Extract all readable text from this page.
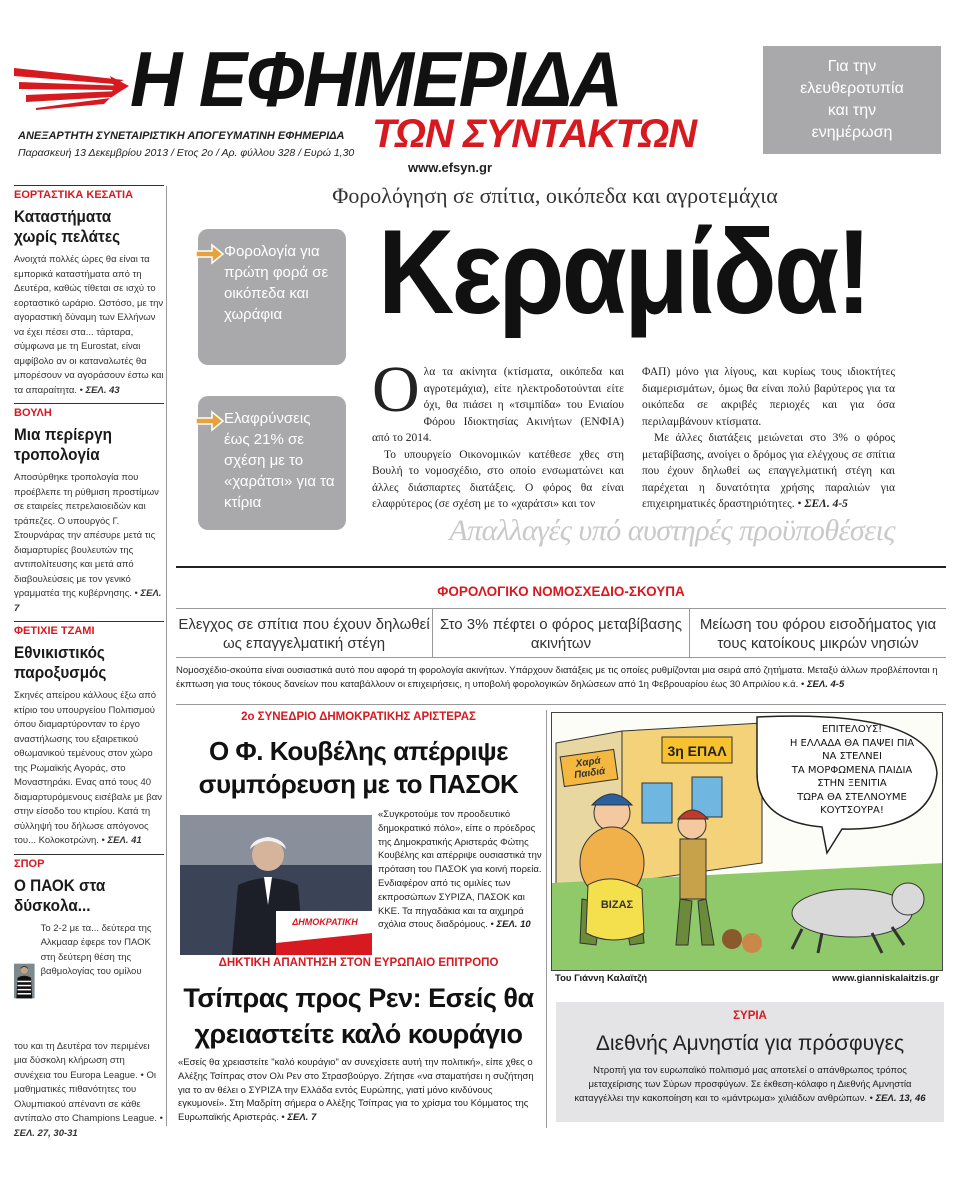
Η ΕΦΗΜΕΡΙΔΑ
ΤΩΝ ΣΥΝΤΑΚΤΩΝ
ΑΝΕΞΑΡΤΗΤΗ ΣΥΝΕΤΑΙΡΙΣΤΙΚΗ ΑΠΟΓΕΥΜΑΤΙΝΗ ΕΦΗΜΕΡΙΔΑ
Παρασκευή 13 Δεκεμβρίου 2013 / Ετος 2ο / Αρ. φύλλου 328 / Ευρώ 1,30
www.efsyn.gr
Για την
ελευθεροτυπία
και την
ενημέρωση
ΕΟΡΤΑΣΤΙΚΑ ΚΕΣΑΤΙΑ
Καταστήματα
χωρίς πελάτες
Ανοιχτά πολλές ώρες θα είναι τα εμπορικά καταστήματα από τη Δευτέρα, καθώς τίθεται σε ισχύ το εορταστικό ωράριο. Ωστόσο, με την αγοραστική δύναμη των Ελλήνων να έχει πέσει στα... τάρταρα, σύμφωνα με τη Eurostat, είναι αμφίβολο αν οι καταναλωτές θα μπορέσουν να αγοράσουν έστω και τα απαραίτητα. • ΣΕΛ. 43
ΒΟΥΛΗ
Μια περίεργη
τροπολογία
Αποσύρθηκε τροπολογία που προέβλεπε τη ρύθμιση προστίμων σε εταιρείες πετρελαιοειδών και τράπεζες. Ο υπουργός Γ. Στουρνάρας την απέσυρε μετά τις διαμαρτυρίες βουλευτών της αντιπολίτευσης και μετά από διαβουλεύσεις με τον γενικό γραμματέα της κυβέρνησης. • ΣΕΛ. 7
ΦΕΤΙΧΙΕ ΤΖΑΜΙ
Εθνικιστικός
παροξυσμός
Σκηνές απείρου κάλλους έξω από κτίριο του υπουργείου Πολιτισμού όπου διαμαρτύρονταν το έργο αναστήλωσης του εξαιρετικού οθωμανικού τεμένους στον χώρο της Ρωμαϊκής Αγοράς, στο Μοναστηράκι. Ενας από τους 40 διαμαρτυρόμενους εισέβαλε με βαν στην είσοδο του κτιρίου. Κατά τη σύλληψή του δήλωσε απόγονος του... Κολοκοτρώνη. • ΣΕΛ. 41
ΣΠΟΡ
Ο ΠΑΟΚ στα
δύσκολα...
Το 2-2 με τα... δεύτερα της Αλκμααρ έφερε τον ΠΑΟΚ στη δεύτερη θέση της βαθμολογίας του ομίλου
του και τη Δευτέρα τον περιμένει μια δύσκολη κλήρωση στη συνέχεια του Europa League. • Οι μαθηματικές πιθανότητες του Ολυμπιακού απέναντι σε κάθε αντίπαλο στο Champions League. • ΣΕΛ. 27, 30-31
Φορολόγηση σε σπίτια, οικόπεδα και αγροτεμάχια
Κεραμίδα!
Φορολογία για πρώτη φορά σε οικόπεδα και χωράφια
Ελαφρύνσεις έως 21% σε σχέση με το «χαράτσι» για τα κτίρια
Ο λα τα ακίνητα (κτίσματα, οικόπεδα και αγροτεμάχια), είτε ηλεκτροδοτούνται είτε όχι, θα πιάσει η «τσιμπίδα» του Ενιαίου Φόρου Ιδιοκτησίας Ακινήτων (ΕΝΦΙΑ) από το 2014.

Το υπουργείο Οικονομικών κατέθεσε χθες στη Βουλή το νομοσχέδιο, στο οποίο ενσωματώνει και άλλες διάσπαρτες διατάξεις. Ο φόρος θα είναι ελαφρύτερος (σε σχέση με το «χαράτσι» και τον

ΦΑΠ) μόνο για λίγους, και κυρίως τους ιδιοκτήτες διαμερισμάτων, όμως θα είναι πολύ βαρύτερος για τα οικόπεδα σε ακριβές περιοχές και για όσα περιλαμβάνουν κτίσματα.

Με άλλες διατάξεις μειώνεται στο 3% ο φόρος μεταβίβασης, ανοίγει ο δρόμος για ελέγχους σε σπίτια που έχουν δηλωθεί ως επαγγελματική στέγη και παρέχεται η δυνατότητα χρήσης παραλιών για επιχειρηματικές δραστηριότητες. • ΣΕΛ. 4-5

Απαλλαγές υπό αυστηρές προϋποθέσεις
ΦΟΡΟΛΟΓΙΚΟ ΝΟΜΟΣΧΕΔΙΟ-ΣΚΟΥΠΑ
Ελεγχος σε σπίτια που έχουν δηλωθεί ως επαγγελματική στέγη
Στο 3% πέφτει ο φόρος μεταβίβασης ακινήτων
Μείωση του φόρου εισοδήματος για τους κατοίκους μικρών νησιών
Νομοσχέδιο-σκούπα είναι ουσιαστικά αυτό που αφορά τη φορολογία ακινήτων. Υπάρχουν διατάξεις με τις οποίες ρυθμίζονται μια σειρά από ζητήματα. Μεταξύ άλλων προβλέπονται η έκπτωση για τους τόκους δανείων που καταβάλλουν οι επιχειρήσεις, η υποβολή φορολογικών δηλώσεων από 1η Φεβρουαρίου έως 30 Απριλίου κ.ά. • ΣΕΛ. 4-5
2ο ΣΥΝΕΔΡΙΟ ΔΗΜΟΚΡΑΤΙΚΗΣ ΑΡΙΣΤΕΡΑΣ
Ο Φ. Κουβέλης απέρριψε συμπόρευση με το ΠΑΣΟΚ
ΔΗΜΟΚΡΑΤΙΚΗ
ΑΡΙΣΤΕΡΑ
«Συγκροτούμε τον προοδευτικό δημοκρατικό πόλο», είπε ο πρόεδρος της Δημοκρατικής Αριστεράς Φώτης Κουβέλης και απέρριψε ουσιαστικά την πρόταση του ΠΑΣΟΚ για κοινή πορεία. Ενδιαφέρον από τις ομιλίες των εκπροσώπων ΣΥΡΙΖΑ, ΠΑΣΟΚ και ΚΚΕ. Τα πηγαδάκια και τα αιχμηρά σχόλια στους διαδρόμους. • ΣΕΛ. 10
ΔΗΚΤΙΚΗ ΑΠΑΝΤΗΣΗ ΣΤΟΝ ΕΥΡΩΠΑΙΟ ΕΠΙΤΡΟΠΟ
Τσίπρας προς Ρεν: Εσείς θα χρειαστείτε καλό κουράγιο
«Εσείς θα χρειαστείτε "καλό κουράγιο" αν συνεχίσετε αυτή την πολιτική», είπε χθες ο Αλέξης Τσίπρας στον Ολι Ρεν στο Στρασβούργο. Ζήτησε «να σταματήσει η συζήτηση για το αν θέλει ο ΣΥΡΙΖΑ την Ελλάδα εντός Ευρώπης, γιατί μόνο κινδύνους εγκυμονεί». Στη Μαδρίτη σήμερα ο Αλέξης Τσίπρας για το χρίσμα του Κόμματος της Ευρωπαϊκής Αριστεράς. • ΣΕΛ. 7
ΕΠΙΤΕΛΟΥΣ!
Η ΕΛΛΑΔΑ ΘΑ ΠΑΨΕΙ ΠΙΑ
ΝΑ ΣΤΕΛΝΕΙ
ΤΑ ΜΟΡΦΩΜΕΝΑ ΠΑΙΔΙΑ
ΣΤΗΝ ΞΕΝΙΤΙΑ
ΤΩΡΑ ΘΑ ΣΤΕΛΝΟΥΜΕ
ΚΟΥΤΣΟΥΡΑ!
Χαρά Παιδιά
3η ΕΠΑΛ
ΒΙΖΑΣ
Του Γιάννη Καλαϊτζή	www.gianniskalaitzis.gr
ΣΥΡΙΑ
Διεθνής Αμνηστία για πρόσφυγες
Ντροπή για τον ευρωπαϊκό πολιτισμό μας αποτελεί ο απάνθρωπος τρόπος μεταχείρισης των Σύρων προσφύγων. Σε έκθεση-κόλαφο η Διεθνής Αμνηστία καταγγέλλει την κακοποίηση και το «μάντρωμα» χιλιάδων ανθρώπων. • ΣΕΛ. 13, 46
